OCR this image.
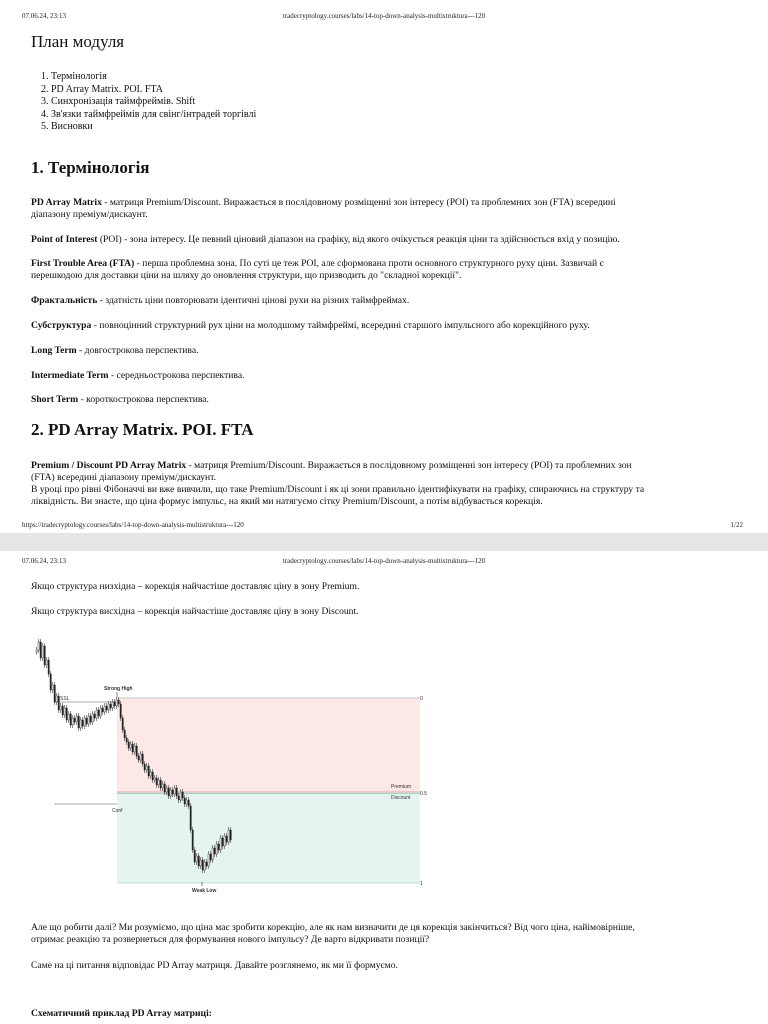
07.06.24, 23:13	tradecryptology.courses/labs/14-top-down-analysis-multistruktura---120
План модуля
1. Термінологія
2. PD Array Matrix. POI. FTA
3. Синхронізація таймфреймів. Shift
4. Зв'язки таймфреймів для свінг/інтрадей торгівлі
5. Висновки
1. Термінологія

PD Array Matrix - матриця Premium/Discount. Виражається в послідовному розміщенні зон інтересу (POI) та проблемних зон (FTA) всередині
діапазону преміум/дискаунт.

Point of Interest (POI) - зона інтересу. Це певний ціновий діапазон на графіку, від якого очікується реакція ціни та здійснюється вхід у позицію.

First Trouble Area (FTA) - перша проблемна зона. По суті це теж POI, але сформована проти основного структурного руху ціни. Зазвичай є
перешкодою для доставки ціни на шляху до оновлення структури, що призводить до "складної корекції".

Фрактальність - здатність ціни повторювати ідентичні цінові рухи на різних таймфреймах.

Субструктура - повноцінний структурний рух ціни на молодшому таймфреймі, всередині старшого імпульсного або корекційного руху.

Long Term - довгострокова перспектива.

Intermediate Term - середньострокова перспектива.

Short Term - короткострокова перспектива.

2. PD Array Matrix. POI. FTA

Premium / Discount PD Array Matrix - матриця Premium/Discount. Виражається в послідовному розміщенні зон інтересу (POI) та проблемних зон
(FTA) всередині діапазону преміум/дискаунт.
В уроці про рівні Фібоначчі ви вже вивчили, що таке Premium/Discount і як ці зони правильно ідентифікувати на графіку, спираючись на структуру та
ліквідність. Ви знаєте, що ціна формує імпульс, на який ми натягуємо сітку Premium/Discount, а потім відбувається корекція.

https://tradecryptology.courses/labs/14-top-down-analysis-multistruktura---120	1/22
07.06.24, 23:13	tradecryptology.courses/labs/14-top-down-analysis-multistruktura---120

Якщо структура низхідна – корекція найчастіше доставляє ціну в зону Premium.

Якщо структура висхідна – корекція найчастіше доставляє ціну в зону Discount.

Strong High
Weak Low
Premium
Discount
SSL
Conf
0
0.5
1

Але що робити далі? Ми розуміємо, що ціна має зробити корекцію, але як нам визначити де ця корекція закінчиться? Від чого ціна, найімовірніше,
отримає реакцію та розвернеться для формування нового імпульсу? Де варто відкривати позиції?

Саме на ці питання відповідає PD Array матриця. Давайте розглянемо, як ми її формуємо.

Схематичний приклад PD Array матриці:
